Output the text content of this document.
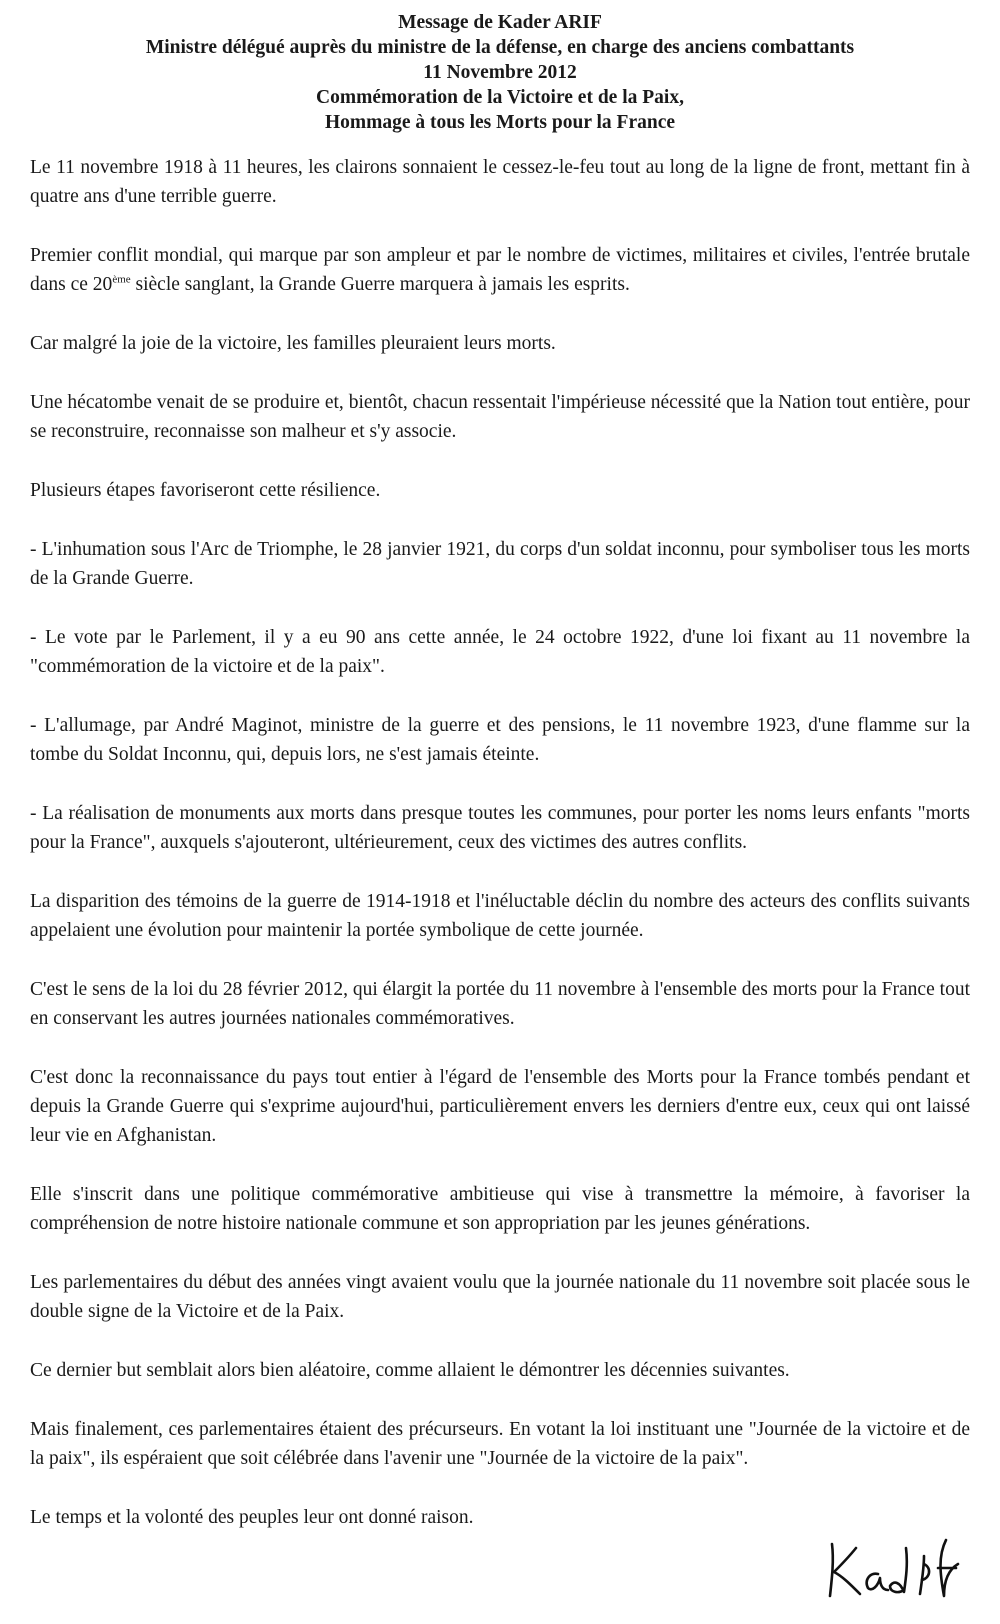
Message de Kader ARIF
Ministre délégué auprès du ministre de la défense, en charge des anciens combattants
11 Novembre 2012
Commémoration de la Victoire et de la Paix,
Hommage à tous les Morts pour la France

Le 11 novembre 1918 à 11 heures, les clairons sonnaient le cessez-le-feu tout au long de la ligne de front, mettant fin à quatre ans d'une terrible guerre.

Premier conflit mondial, qui marque par son ampleur et par le nombre de victimes, militaires et civiles, l'entrée brutale dans ce 20ème siècle sanglant, la Grande Guerre marquera à jamais les esprits.

Car malgré la joie de la victoire, les familles pleuraient leurs morts.

Une hécatombe venait de se produire et, bientôt, chacun ressentait l'impérieuse nécessité que la Nation tout entière, pour se reconstruire, reconnaisse son malheur et s'y associe.

Plusieurs étapes favoriseront cette résilience.

- L'inhumation sous l'Arc de Triomphe, le 28 janvier 1921, du corps d'un soldat inconnu, pour symboliser tous les morts de la Grande Guerre.

- Le vote par le Parlement, il y a eu 90 ans cette année, le 24 octobre 1922, d'une loi fixant au 11 novembre la "commémoration de la victoire et de la paix".

- L'allumage, par André Maginot, ministre de la guerre et des pensions, le 11 novembre 1923, d'une flamme sur la tombe du Soldat Inconnu, qui, depuis lors, ne s'est jamais éteinte.

- La réalisation de monuments aux morts dans presque toutes les communes, pour porter les noms leurs enfants "morts pour la France", auxquels s'ajouteront, ultérieurement, ceux des victimes des autres conflits.

La disparition des témoins de la guerre de 1914-1918 et l'inéluctable déclin du nombre des acteurs des conflits suivants appelaient une évolution pour maintenir la portée symbolique de cette journée.

C'est le sens de la loi du 28 février 2012, qui élargit la portée du 11 novembre à l'ensemble des morts pour la France tout en conservant les autres journées nationales commémoratives.

C'est donc la reconnaissance du pays tout entier à l'égard de l'ensemble des Morts pour la France tombés pendant et depuis la Grande Guerre qui s'exprime aujourd'hui, particulièrement envers les derniers d'entre eux, ceux qui ont laissé leur vie en Afghanistan.

Elle s'inscrit dans une politique commémorative ambitieuse qui vise à transmettre la mémoire, à favoriser la compréhension de notre histoire nationale commune et son appropriation par les jeunes générations.

Les parlementaires du début des années vingt avaient voulu que la journée nationale du 11 novembre soit placée sous le double signe de la Victoire et de la Paix.

Ce dernier but semblait alors bien aléatoire, comme allaient le démontrer les décennies suivantes.

Mais finalement, ces parlementaires étaient des précurseurs. En votant la loi instituant une "Journée de la victoire et de la paix", ils espéraient que soit célébrée dans l'avenir une "Journée de la victoire de la paix".

Le temps et la volonté des peuples leur ont donné raison.
